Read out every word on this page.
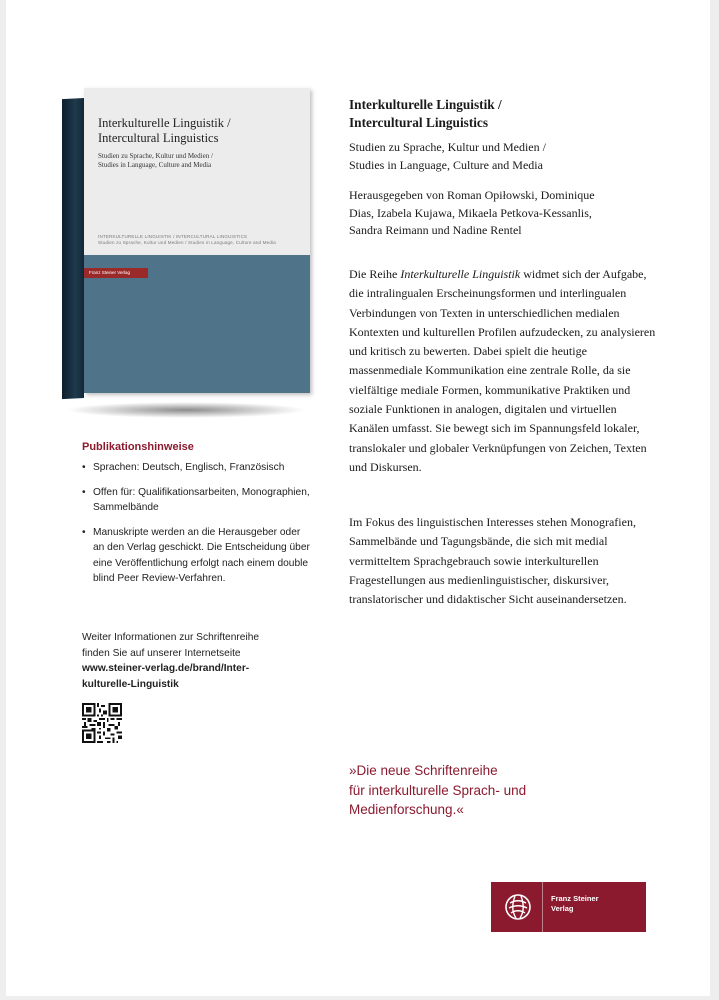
Interkulturelle Linguistik /
Intercultural Linguistics
Studien zu Sprache, Kultur und Medien /
Studies in Language, Culture and Media
INTERKULTURELLE LINGUISTIK / INTERCULTURAL LINGUISTICS
Studien zu Sprache, Kultur und Medien / Studies in Language, Culture and Media
Franz Steiner Verlag
Publikationshinweise
• Sprachen: Deutsch, Englisch, Französisch
• Offen für: Qualifikationsarbeiten, Monographien, Sammelbände
• Manuskripte werden an die Herausgeber oder an den Verlag geschickt. Die Entscheidung über eine Veröffentlichung erfolgt nach einem double blind Peer Review-Verfahren.
Weiter Informationen zur Schriftenreihe
finden Sie auf unserer Internetseite
www.steiner-verlag.de/brand/Inter-
kulturelle-Linguistik
Interkulturelle Linguistik /
Intercultural Linguistics
Studien zu Sprache, Kultur und Medien /
Studies in Language, Culture and Media
Herausgegeben von Roman Opiłowski, Dominique
Dias, Izabela Kujawa, Mikaela Petkova-Kessanlis,
Sandra Reimann und Nadine Rentel

Die Reihe Interkulturelle Linguistik widmet sich der Aufgabe, die intralingualen Erscheinungsformen und interlingualen Verbindungen von Texten in unterschiedlichen medialen Kontexten und kulturellen Profilen aufzudecken, zu analysieren und kritisch zu bewerten. Dabei spielt die heutige massenmediale Kommunikation eine zentrale Rolle, da sie vielfältige mediale Formen, kommunikative Praktiken und soziale Funktionen in analogen, digitalen und virtuellen Kanälen umfasst. Sie bewegt sich im Spannungsfeld lokaler, translokaler und globaler Verknüpfungen von Zeichen, Texten und Diskursen.

Im Fokus des linguistischen Interesses stehen Monografien, Sammelbände und Tagungsbände, die sich mit medial vermitteltem Sprachgebrauch sowie interkulturellen Fragestellungen aus medienlinguistischer, diskursiver, translatorischer und didaktischer Sicht auseinandersetzen.

»Die neue Schriftenreihe
für interkulturelle Sprach- und
Medienforschung.«
Franz Steiner
Verlag
